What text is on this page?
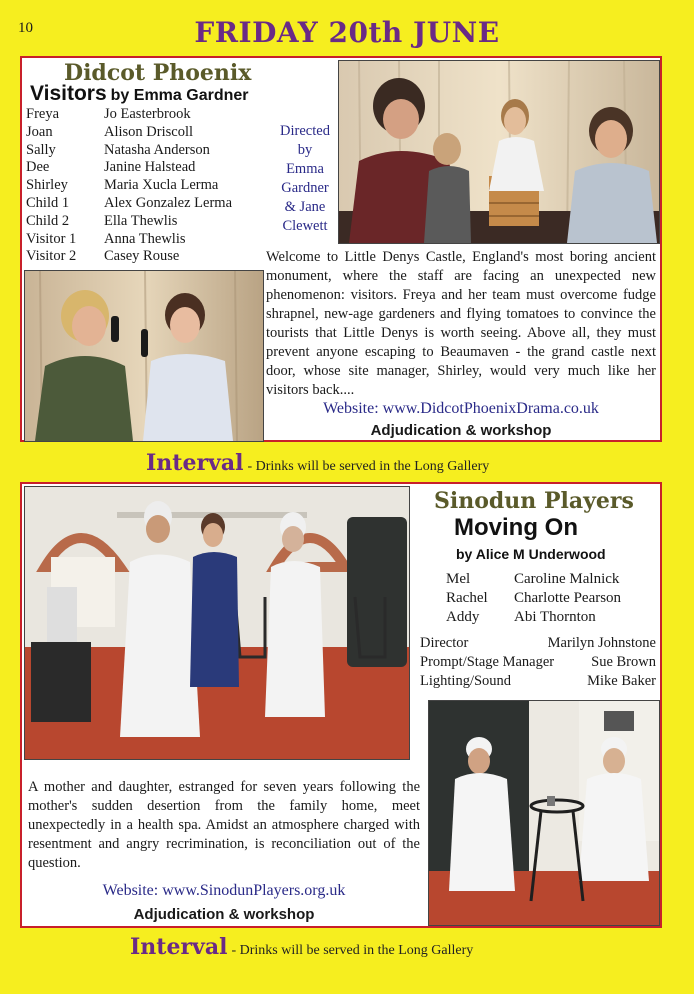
10	FRIDAY 20th JUNE
Didcot Phoenix
Visitors by Emma Gardner
Freya	Jo Easterbrook
Joan	Alison Driscoll
Sally	Natasha Anderson
Dee	Janine Halstead
Shirley	Maria Xucla Lerma
Child 1	Alex Gonzalez Lerma
Child 2	Ella Thewlis
Visitor 1	Anna Thewlis
Visitor 2	Casey Rouse
Directed
by
Emma
Gardner
& Jane
Clewett
Welcome to Little Denys Castle, England's most boring ancient monument, where the staff are facing an unexpected new phenomenon: visitors. Freya and her team must overcome fudge shrapnel, new-age gardeners and flying tomatoes to convince the tourists that Little Denys is worth seeing. Above all, they must prevent anyone escaping to Beaumaven - the grand castle next door, whose site manager, Shirley, would very much like her visitors back....
Website: www.DidcotPhoenixDrama.co.uk
Adjudication & workshop
Interval - Drinks will be served in the Long Gallery
Sinodun Players
Moving On
by Alice M Underwood
Mel	Caroline Malnick
Rachel	Charlotte Pearson
Addy	Abi Thornton
Director	Marilyn Johnstone
Prompt/Stage Manager	Sue Brown
Lighting/Sound	Mike Baker
A mother and daughter, estranged for seven years following the mother's sudden desertion from the family home, meet unexpectedly in a health spa. Amidst an atmosphere charged with resentment and angry recrimination, is reconciliation out of the question.
Website: www.SinodunPlayers.org.uk
Adjudication & workshop
Interval - Drinks will be served in the Long Gallery
